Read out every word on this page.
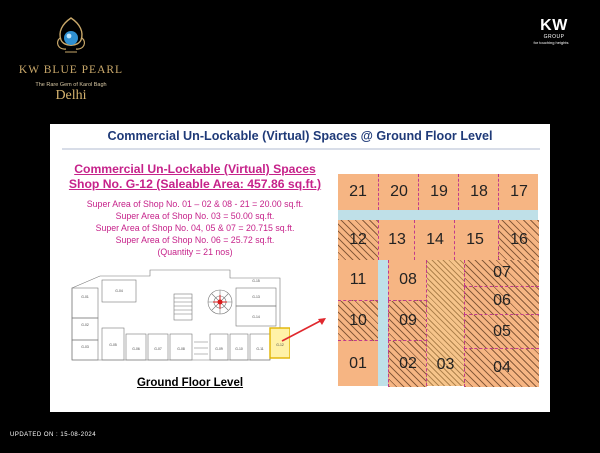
KW BLUE PEARL
The Rare Gem of Karol Bagh
Delhi
KW
GROUP
for touching heights
Commercial Un-Lockable (Virtual) Spaces @ Ground Floor Level
Commercial Un-Lockable (Virtual) Spaces
Shop No. G-12 (Saleable Area: 457.86 sq.ft.)
Super Area of Shop No. 01 – 02 & 08 - 21 = 20.00 sq.ft.
Super Area of Shop No. 03 = 50.00 sq.ft.
Super Area of Shop No. 04, 05 & 07 = 20.715 sq.ft.
Super Area of Shop No. 06 = 25.72 sq.ft.
(Quantity = 21 nos)
G-01
G-02
G-03
G-04
G-05
G-06	G-07	G-08	G-09	G-10	G-11
G-12
G-13
G-14
G-15
Ground Floor Level
21	20	19	18	17
12	13	14	15	16
11
10
01
08
09
02	03
07
06
05
04
UPDATED ON : 15-08-2024
